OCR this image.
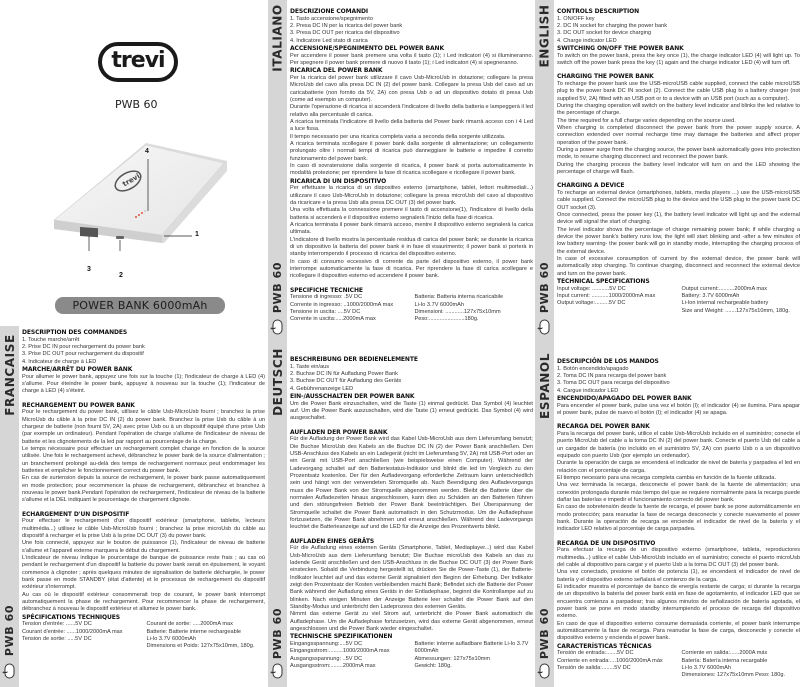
trevi
PWB 60
trevi
4
1
3
2
POWER BANK 6000mAh
FRANCAISE
PWB 60
t
DESCRIPTION DES COMMANDES

1. Touche marche/arrêt

2. Prise DC IN pour rechargement du power bank

3. Prise DC OUT pour rechargement du dispositif

4. Indicateur de charge à LED

MARCHE/ARRÊT DU POWER BANK

Pour allumer le power bank, appuyez une fois sur la touche (1); l'indicateur de charge à LED (4) s'allume. Pour éteindre le power bank, appuyez à nouveau sur la touche (1); l'indicateur de charge à LED (4) s'éteint.

RECHARGEMENT DU POWER BANK

Pour le rechargement du power bank, utilisez le câble Usb-MicroUsb fourni ; branchez la prise MicroUsb du câble à la prise DC IN (2) du power bank. Branchez la prise Usb du câble à un chargeur de batterie (non fourni 5V, 2A) avec prise Usb ou à un dispositif équipé d'une prise Usb (par exemple un ordinateur). Pendant l'opération de charge s'allume de l'indicateur de niveau de batterie et les clignotements de la led par rapport au pourcentage de la charge.

Le temps nécessaire pour effectuer un rechargement complet change en fonction de la source utilisée. Une fois le rechargement achevé, débranchez le power bank de la source d'alimentation ; un branchement prolongé au-delà des temps de rechargement normaux peut endommager les batteries et empêcher le fonctionnement correct du power bank.

En cas de surtension depuis la source de rechargement, le power bank passe automatiquement en mode protection; pour recommencer la phase de rechargement, débranchez et branchez à nouveau le power bank.Pendant l'opération de rechargement, l'indicateur de niveau de la batterie s'allume et la DEL indiquant le pourcentage de chargement clignote.

ECHARGEMENT D'UN DISPOSITIF

Pour effectuer le rechargement d'un dispositif extérieur (smartphone, tablette, lecteurs multimédia...) utilisez le câble Usb-MicroUsb fourni ; branchez la prise microUsb du câble au dispositif à recharger et la prise Usb à la prise DC OUT (3) du power bank.

Une fois connecté, appuyez sur le bouton de puissance (1), l'indicateur de niveau de batterie s'allume et l'appareil externe marquera le début du chargement.

L'indicateur de niveau indique le pourcentage de banque de puissance reste frais ; au cas où pendant le rechargement d'un dispositif la batterie du power bank serait en épuisement, le voyant commence à clignoter ; après quelques minutes de signalisation de batterie déchargée, le power bank passe en mode STANDBY (état d'attente) et le processus de rechargement du dispositif extérieur s'interrompt.

Au cas où le dispositif extérieur consommerait trop de courant, le power bank interrompt automatiquement la phase de rechargement. Pour recommencer la phase de rechargement, débranchez à nouveau le dispositif extérieur et allumez le power bank.

SPÉCIFICATIONS TECHNIQUES
Tension d'entrée: ......5V DC	Courant de sortie: .....2000mA max
Courant d'entrée: ......1000/2000mA max	Batterie: Batterie interne rechargeable
Tension de sortie: .....5V DC	Li-Io 3.7V 6000mAh
Dimensions et Poids: 127x75x10mm, 180g.
ITALIANO
PWB 60
t
DEUTSCH
PWB 60
t
DESCRIZIONE COMANDI

1. Tasto accensione/spegnimento

2. Presa DC IN per la ricarica del power bank

3. Presa DC OUT per ricarica del dispositivo

4. Indicatore Led stato di carica

ACCENSIONE/SPEGNIMENTO DEL POWER BANK

Per accendere il power bank premere una volta il tasto (1); i Led indicatori (4) si illumineranno. Per spegnere il power bank premere di nuovo il tasto (1); i Led indicatori (4) si spegneranno.

RICARICA DEL POWER BANK

Per la ricarica del power bank utilizzare il cavo Usb-MicroUsb in dotazione; collegare la presa MicroUsb del cavo alla presa DC IN (2) del power bank. Collegare la presa Usb del cavo ad un caricabatterie (non fornito da 5V, 2A) con presa Usb o ad un dispositivo dotato di presa Usb (come ad esempio un computer).

Durante l'operazione di ricarica si accenderà l'indicatore di livello della batteria e lampeggerà il led relativo alla percentuale di carica.

A ricarica terminata l'indicatore di livello della batteria del Power bank rimarrà acceso con i 4 Led a luce fissa.

Il tempo necessario per una ricarica completa varia a seconda della sorgente utilizzata.

A ricarica terminata scollegare il power bank dalla sorgente di alimentazione; un collegamento prolungato oltre i normali tempi di ricarica può danneggiare le batterie e impedire il corretto funzionamento del power bank.

In caso di sovratensione dalla sorgente di ricarica, il power bank si porta automaticamente in modalità protezione; per riprendere la fase di ricarica scollegare e ricollegare il power bank.

RICARICA DI UN DISPOSITIVO

Per effettuare la ricarica di un dispositivo esterno (smartphone, tablet, lettori multimediali...) utilizzare il cavo Usb-MicroUsb in dotazione; collegare la presa microUsb del cavo al dispositivo da ricaricare e la presa Usb alla presa DC OUT (3) del power bank.

Una volta effettuata la connessione premere il tasto di accensione(1), l'indicatore di livello della batteria si accenderà e il dispositivo esterno segnalerà l'inizio della fase di ricarica.

A ricarica terminata il power bank rimarrà acceso, mentre il dispositivo esterno segnalerà la carica ultimata.

L'indicatore di livello mostra la percentuale residua di carica del power bank; se durante la ricarica di un dispositivo la batteria del power bank è in fase di esaurimento; il power bank si porterà in stanby interrompendo il processo di ricarica del dispositivo esterno.

In caso di consumo eccessivo di corrente da parte del dispositivo esterno, il power bank interrompe automaticamente la fase di ricarica. Per riprendere la fase di carica scollegare e ricollegare il dispositivo esterno ed accendere il power bank.

SPECIFICHE TECNICHE
Tensione di ingresso: .5V DC	Batteria: Batteria interna ricaricabile
Corrente in ingresso: ..1000/2000mA max	Li-Io 3.7V 6000mAh
Tensione in uscita: ....5V DC	Dimensioni: ............127x75x10mm
Corrente in uscita:.....2000mA max	Peso:.......................180g.
BESCHREIBUNG DER BEDIENELEMENTE

1. Taste ein/aus

2. Buchse DC IN für Aufladung Power Bank

3. Buchse DC OUT für Aufladung des Geräts

4. Gebührenanzeige LED

EIN-/AUSSCHALTEN DER POWER BANK

Um die Power Bank einzuschalten, wird die Taste (1) einmal gedrückt. Das Symbol (4) leuchtet auf. Um die Power Bank auszuschalten, wird die Taste (1) erneut gedrückt. Das Symbol (4) wird ausgeschaltet.

AUFLADEN DER POWER BANK

Für die Aufladung der Power Bank wird das Kabel Usb-MicroUsb aus dem Lieferumfang benutzt; Die Buchse MicroUsb des Kabels an die Buchse DC IN (2) der Power Bank anschließen. Den USB-Anschluss des Kabels an ein Ladegerät (nicht im Lieferumfang 5V, 2A) mit USB-Port oder an ein Gerät mit USB-Port anschließen (wie beispielsweise einen Computer). Während der Ladevorgang schaltet auf den Batteriestatus-Indikator und blinkt die led im Vergleich zu den Prozentsatz kostenlos. Der für den Aufladevorgang erforderliche Zeitraum kann unterschiedlich sein und hängt von der verwendeten Stromquelle ab. Nach Beendigung des Aufladevorgangs muss die Power Bank von der Stromquelle abgenommen werden. Bleibt die Batterie über die normalen Aufladezeiten hinaus angeschlossen, kann dies zu Schäden an den Batterien führen und den störungsfreien Betrieb der Power Bank beeinträchtigen. Bei Überspannung der Stromquelle schaltet die Power Bank automatisch in den Schutzmodus. Um die Aufladephase fortzusetzen, die Power Bank abnehmen und erneut anschließen. Während des Ladevorgangs leuchtet die Batterieanzeige auf und die LED für die Anzeige des Prozentwerts blinkt.

AUFLADEN EINES GERÄTS

Für die Aufladung eines externen Geräts (Smartphone, Tablet, Mediaplayer...) wird das Kabel Usb-MicroUsb aus dem Lieferumfang benutzt; Die Buchse microUsb des Kabels an das zu ladende Gerät anschließen und den USB-Anschluss in die Buchse DC OUT (3) der Power Bank einstecken. Sobald die Verbindung hergestellt ist, drücken Sie die Power-Taste (1), der Batterie-Indikator leuchtet auf und das externe Gerät signalisiert den Beginn der Erhebung. Der Indikator zeigt den Prozentsatz der Kosten verbleibenden macht Bank; Befindet sich die Batterie der Power Bank während der Aufladung eines Geräts in der Entladephase, beginnt die Kontrollampe auf zu blinken. Nach einigen Minuten der Anzeige Batterie leer schaltet die Power Bank auf den Standby-Modus und unterbricht den Ladeprozess des externen Geräts.

Nimmt das externe Gerät zu viel Strom auf, unterbricht die Power Bank automatisch die Aufladephase. Um die Aufladephase fortzusetzen, wird das externe Gerät abgenommen, erneut angeschlossen und die Power Bank wieder eingeschaltet.

TECHNISCHE SPEZIFIKATIONEN
Eingangsspannung:....5V DC	Batterie: interne aufladbare Batterie Li-Io 3.7V
Eingangsstrom:.........1000/2000mA max	6000mAh
Ausgangsspannung: ..5V DC	Abmessungen: 127x75x10mm
Ausgangsstrom:........2000mA max	Gewicht: 180g.
ENGLISH
PWB 60
t
ESPANOL
PWB 60
t
CONTROLS DESCRIPTION

1. ON/OFF key

2. DC IN socket for charging the power bank

3. DC OUT socket for device charging

4. Charge indicator LED

SWITCHING ON/OFF THE POWER BANK

To switch on the power bank, press the key once (1), the charge indicator LED (4) will light up. To switch off the power bank press the key (1) again and the charge indicator LED (4) will turn off.

CHARGING THE POWER BANK

To recharge the power bank use the USB-microUSB cable supplied, connect the cable microUSB plug to the power bank DC IN socket (2). Connect the cable USB plug to a battery charger (not supplied 5V, 2A) fitted with an USB port or to a device with an USB port (such as a computer).

During the charging operation will switch on the battery level indicator and blinks the led relative to the percentage of charge.

The time required for a full charge varies depending on the source used.

When charging is completed disconnect the power bank from the power supply source. A connection extended over normal recharge time may damage the batteries and affect proper operation of the power bank.

During a power surge from the charging source, the power bank automatically goes into protection mode, to resume charging disconnect and reconnect the power bank.

During the charging process the battery level indicator will turn on and the LED showing the percentage of charge will flash.

CHARGING A DEVICE

To recharge an external device (smartphones, tablets, media players ...) use the USB-microUSB cable supplied. Connect the microUSB plug to the device and the USB plug to the power bank DC OUT socket (3).

Once connected, press the power key (1), the battery level indicator will light up and the external device will signal the start of charging.

The level indicator shows the percentage of charge remaining power bank; if while charging a device the power bank's battery runs low, the light will start blinking and -after a few minutes of low battery warning- the power bank will go in standby mode, interrupting the charging process of the external device.

In case of excessive consumption of current by the external device, the power bank will automatically stop charging. To continue charging, disconnect and reconnect the external device and turn on the power bank.

TECHNICAL SPECIFICATIONS
Input voltage: ...........5V DC	Output current:..........2000mA max
Input current: ...........1000/2000mA max	Battery: 3.7V 6000mAh
Output voltage:.........5V DC	Li-Ion internal rechargeable battery
Size and Weight: .......127x75x10mm, 180g.
DESCRIPCIÓN DE LOS MANDOS

1. Botón encendido/apagado

2. Toma DC IN para recarga del power bank

3. Toma DC OUT para recarga del dispositivo

4. Cargue indicador LED

ENCENDIDO/APAGADO DEL POWER BANK

Para encender el power bank, pulse una vez el botón (I); el indicador (4) se ilumina. Para apagar el power bank, pulse de nuevo el botón (I); el indicador (4) se apaga.

RECARGA DEL POWER BANK

Para la recarga del power bank, utilice el cable Usb-MicroUsb incluido en el suministro; conecte el puerto MicroUsb del cable a la toma DC IN (2) del power bank. Conecte el puerto Usb del cable a un cargador de batería (no incluido en el suministro 5V, 2A) con puerto Usb o a un dispositivo equipado con puerto Usb (por ejemplo un ordenador).

Durante la operación de carga se encenderá el indicador de nivel de batería y parpadea el led en relación con el porcentaje de carga.

El tiempo necesario para una recarga completa cambia en función de la fuente utilizada.

Una vez terminada la recarga, desconecte el power bank de la fuente de alimentación; una conexión prolongada durante más tiempo del que se requiere normalmente para la recarga puede dañar las baterías e impedir el funcionamiento correcto del power bank.

En caso de sobretensión desde la fuente de recarga, el power bank se pone automáticamente en modo protección; para reanudar la fase de recarga desconecte y conecte nuevamente el power bank. Durante la operación de recarga se enciende el indicador de nivel de la batería y el indicador LED relativo al porcentaje de carga parpadea.

RECARGA DE UN DISPOSITIVO

Para efectuar la recarga de un dispositivo externo (smartphone, tableta, reproductores multimedia...) utilice el cable Usb-MicroUsb incluido en el suministro; conecte el puerto microUsb del cable al dispositivo para cargar y el puerto Usb a la toma DC OUT (3) del power bank.

Una vez conectado, presione el botón de potencia (1), se encenderá el indicador de nivel de batería y el dispositivo externo señalará el comienzo de la carga.

El indicador muestra el porcentaje de banco de energía restante de carga; si durante la recarga de un dispositivo la batería del power bank está en fase de agotamiento, el indicador LED que se encuentra comienza a parpadear; tras algunos minutos de señalización de batería agotada, el power bank se pone en modo standby interrumpiendo el proceso de recarga del dispositivo externo.

En caso de que el dispositivo externo consume demasiada corriente, el power bank interrumpe automáticamente la fase de recarga. Para reanudar la fase de carga, desconecte y conecte el dispositivo externo y encienda el power bank.

CARACTERÍSTICAS TÉCNICAS
Tensión de entrada:.......5V DC	Corriente en salida:......2000A máx
Corriente en entrada:....1000/2000mA máx	Batería: Batería interna recargable
Tensión de salida:........5V DC	Li-Io 3.7V 6000mAh
Dimensiones: 127x75x10mm Peso: 180g.
